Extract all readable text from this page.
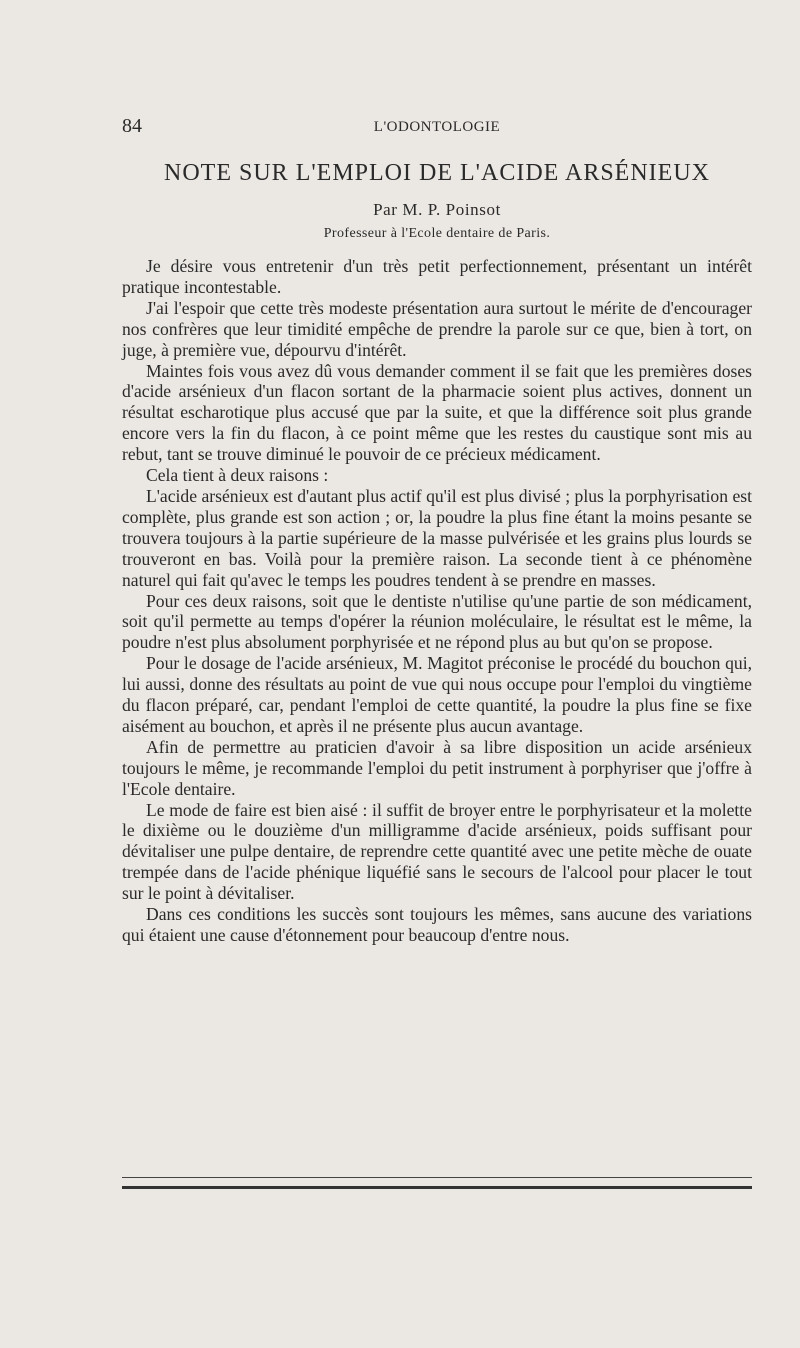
84	L'ODONTOLOGIE
NOTE SUR L'EMPLOI DE L'ACIDE ARSÉNIEUX
Par M. P. Poinsot
Professeur à l'Ecole dentaire de Paris.

Je désire vous entretenir d'un très petit perfectionnement, présentant un intérêt pratique incontestable.

J'ai l'espoir que cette très modeste présentation aura surtout le mérite de d'encourager nos confrères que leur timidité empêche de prendre la parole sur ce que, bien à tort, on juge, à première vue, dépourvu d'intérêt.

Maintes fois vous avez dû vous demander comment il se fait que les premières doses d'acide arsénieux d'un flacon sortant de la pharmacie soient plus actives, donnent un résultat escharotique plus accusé que par la suite, et que la différence soit plus grande encore vers la fin du flacon, à ce point même que les restes du caustique sont mis au rebut, tant se trouve diminué le pouvoir de ce précieux médicament.

Cela tient à deux raisons :

L'acide arsénieux est d'autant plus actif qu'il est plus divisé ; plus la porphyrisation est complète, plus grande est son action ; or, la poudre la plus fine étant la moins pesante se trouvera toujours à la partie supérieure de la masse pulvérisée et les grains plus lourds se trouveront en bas. Voilà pour la première raison. La seconde tient à ce phénomène naturel qui fait qu'avec le temps les poudres tendent à se prendre en masses.

Pour ces deux raisons, soit que le dentiste n'utilise qu'une partie de son médicament, soit qu'il permette au temps d'opérer la réunion moléculaire, le résultat est le même, la poudre n'est plus absolument porphyrisée et ne répond plus au but qu'on se propose.

Pour le dosage de l'acide arsénieux, M. Magitot préconise le procédé du bouchon qui, lui aussi, donne des résultats au point de vue qui nous occupe pour l'emploi du vingtième du flacon préparé, car, pendant l'emploi de cette quantité, la poudre la plus fine se fixe aisément au bouchon, et après il ne présente plus aucun avantage.

Afin de permettre au praticien d'avoir à sa libre disposition un acide arsénieux toujours le même, je recommande l'emploi du petit instrument à porphyriser que j'offre à l'Ecole dentaire.

Le mode de faire est bien aisé : il suffit de broyer entre le porphyrisateur et la molette le dixième ou le douzième d'un milligramme d'acide arsénieux, poids suffisant pour dévitaliser une pulpe dentaire, de reprendre cette quantité avec une petite mèche de ouate trempée dans de l'acide phénique liquéfié sans le secours de l'alcool pour placer le tout sur le point à dévitaliser.

Dans ces conditions les succès sont toujours les mêmes, sans aucune des variations qui étaient une cause d'étonnement pour beaucoup d'entre nous.
